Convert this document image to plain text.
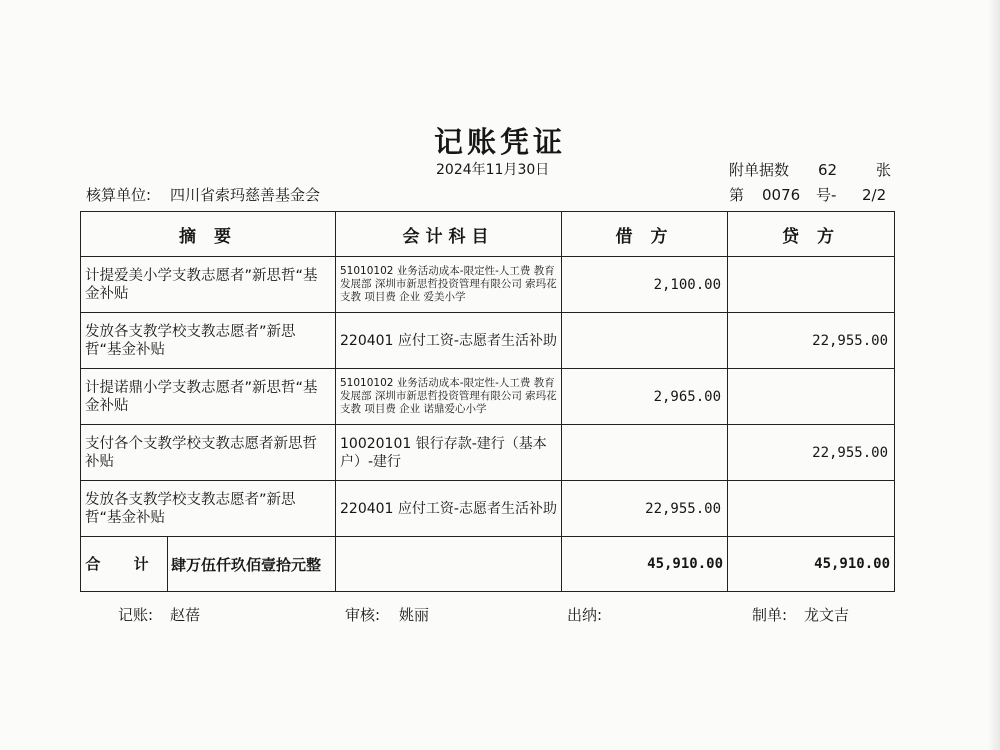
记账凭证
2024年11月30日	附单据数 62	张
核算单位: 四川省索玛慈善基金会	第 0076 号- 2/2
摘 要	会计科目	借 方	贷 方
计提爱美小学支教志愿者”新思哲“基金补贴	51010102 业务活动成本-限定性-人工费 教育发展部 深圳市新思哲投资管理有限公司 索玛花支教 项目费 企业 爱美小学	2,100.00	
发放各支教学校支教志愿者”新思哲“基金补贴	220401 应付工资-志愿者生活补助		22,955.00
计提诺鼎小学支教志愿者”新思哲“基金补贴	51010102 业务活动成本-限定性-人工费 教育发展部 深圳市新思哲投资管理有限公司 索玛花支教 项目费 企业 诺鼎爱心小学	2,965.00	
支付各个支教学校支教志愿者新思哲补贴	10020101 银行存款-建行（基本户）-建行		22,955.00
发放各支教学校支教志愿者”新思哲“基金补贴	220401 应付工资-志愿者生活补助	22,955.00	

合 计 肆万伍仟玖佰壹拾元整		45,910.00	45,910.00
记账: 赵蓓	审核: 姚丽	出纳:	制单: 龙文吉
